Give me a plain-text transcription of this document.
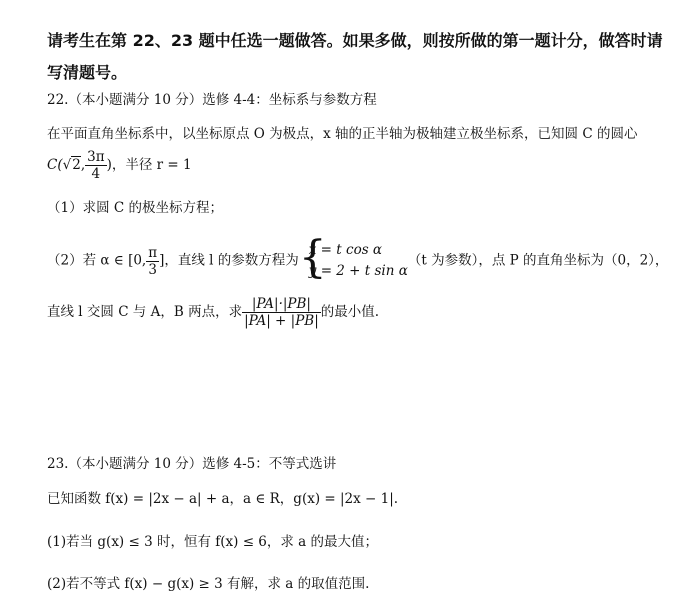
请考生在第 22、23 题中任选一题做答。如果多做，则按所做的第一题计分，做答时请
写清题号。
22.（本小题满分 10 分）选修 4-4：坐标系与参数方程
在平面直角坐标系中，以坐标原点 O 为极点，x 轴的正半轴为极轴建立极坐标系，已知圆 C 的圆心
C(√2, $\frac{3\pi}{4}$ )，半径 r = 1
（1）求圆 C 的极坐标方程；
（2）若 α ∈ [0, $\frac{\pi}{3}$ ]，直线 l 的参数方程为 {
x = t cos α
y = 2 + t sin α
（t 为参数），点 P 的直角坐标为（0，2），
直线 l 交圆 C 与 A，B 两点，求 $\frac{|PA|\cdot|PB|}{|PA| + |PB|}$ 的最小值.
23.（本小题满分 10 分）选修 4-5：不等式选讲
已知函数 f(x) = |2x − a| + a，a ∈ R，g(x) = |2x − 1|.
(1)若当 g(x) ≤ 3 时，恒有 f(x) ≤ 6，求 a 的最大值；
(2)若不等式 f(x) − g(x) ≥ 3 有解，求 a 的取值范围.
